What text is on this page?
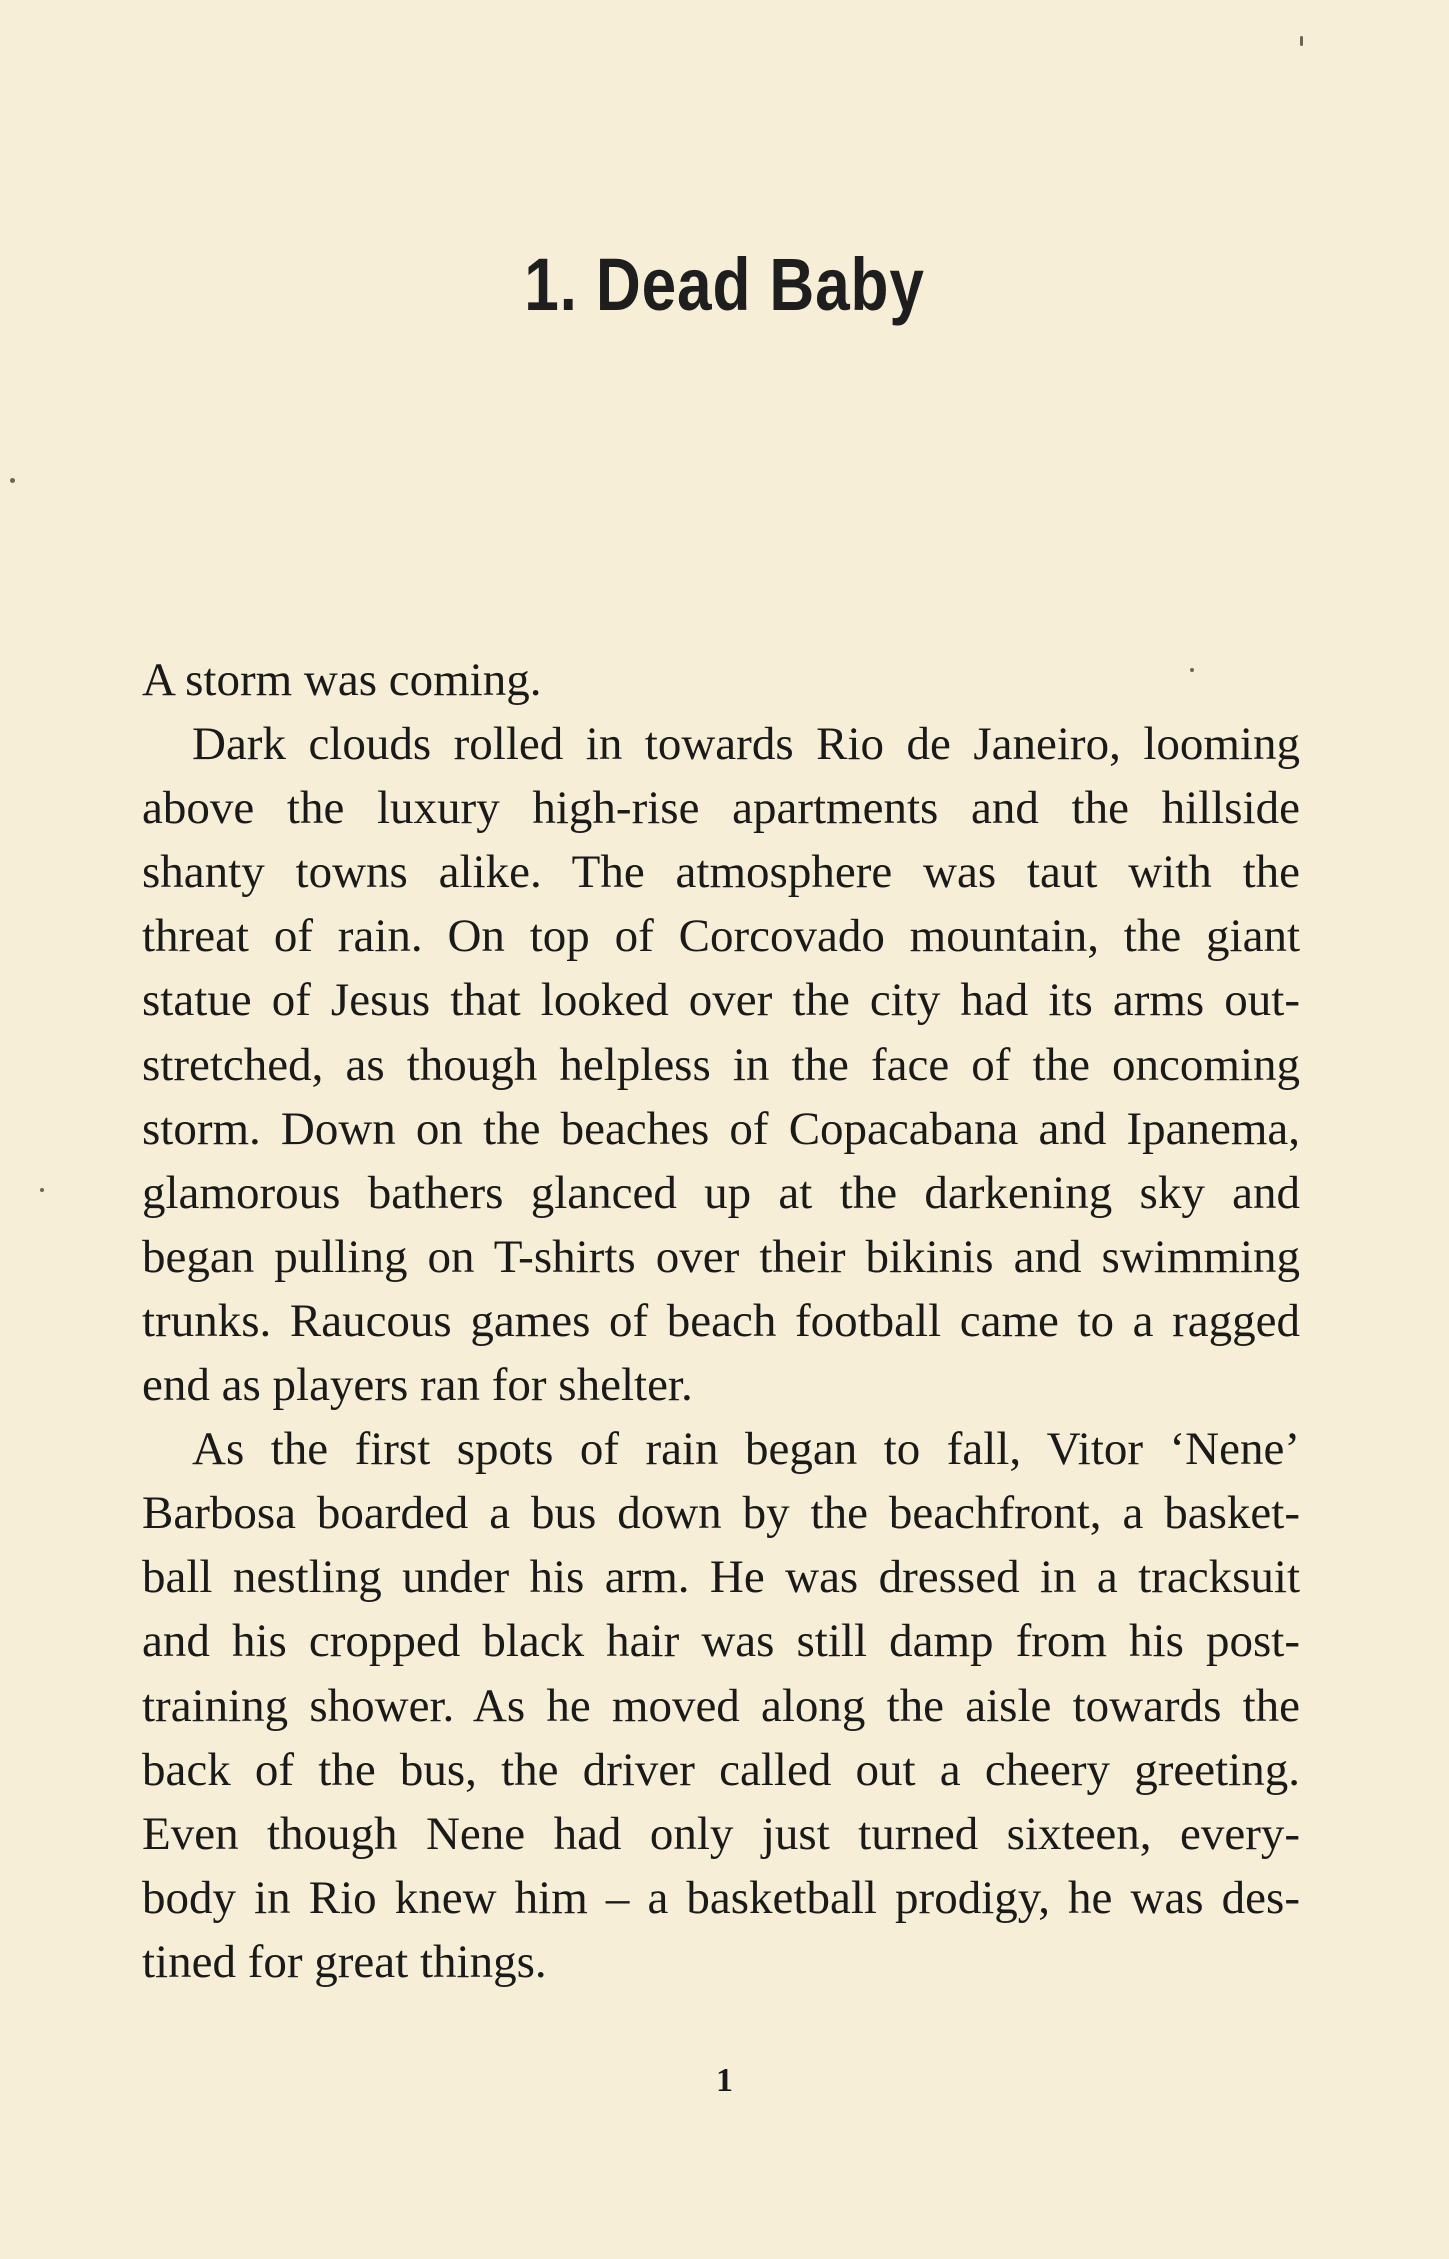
1. Dead Baby
A storm was coming.
Dark clouds rolled in towards Rio de Janeiro, looming
above the luxury high-rise apartments and the hillside
shanty towns alike. The atmosphere was taut with the
threat of rain. On top of Corcovado mountain, the giant
statue of Jesus that looked over the city had its arms out-
stretched, as though helpless in the face of the oncoming
storm. Down on the beaches of Copacabana and Ipanema,
glamorous bathers glanced up at the darkening sky and
began pulling on T-shirts over their bikinis and swimming
trunks. Raucous games of beach football came to a ragged
end as players ran for shelter.
As the first spots of rain began to fall, Vitor ‘Nene’
Barbosa boarded a bus down by the beachfront, a basket-
ball nestling under his arm. He was dressed in a tracksuit
and his cropped black hair was still damp from his post-
training shower. As he moved along the aisle towards the
back of the bus, the driver called out a cheery greeting.
Even though Nene had only just turned sixteen, every-
body in Rio knew him – a basketball prodigy, he was des-
tined for great things.
1
